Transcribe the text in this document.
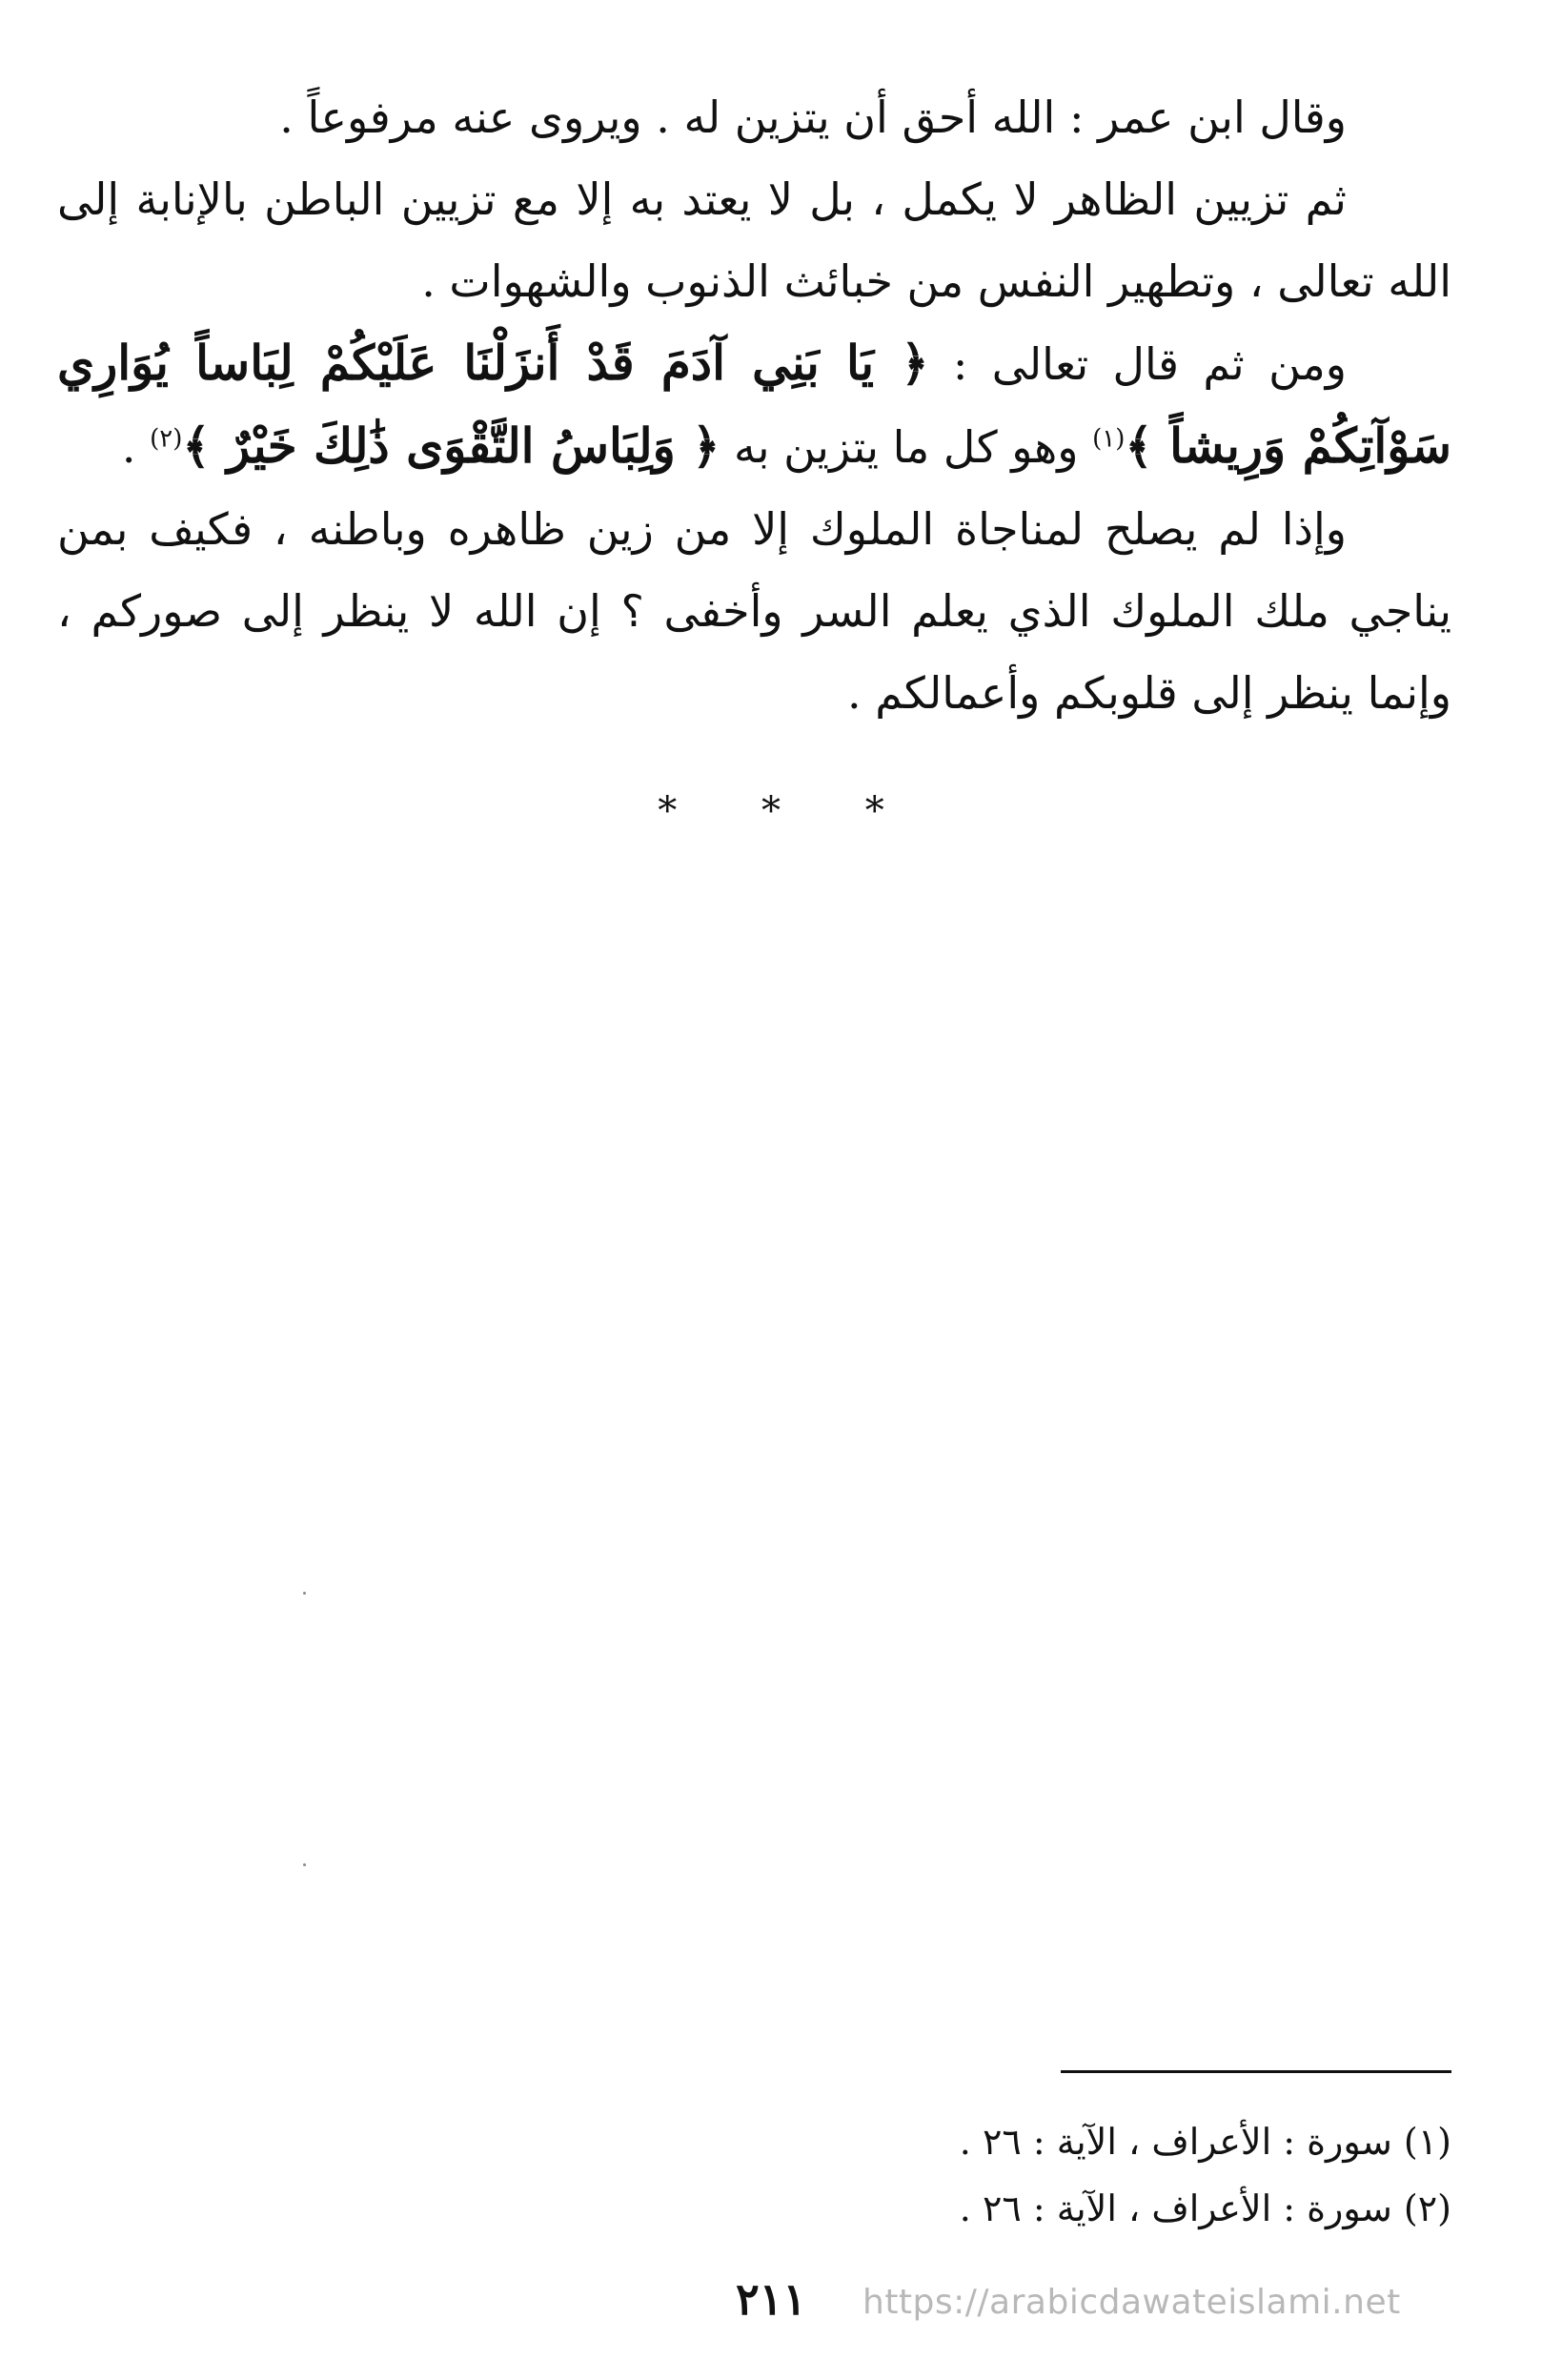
وقال ابن عمر : الله أحق أن يتزين له . ويروى عنه مرفوعاً .

ثم تزيين الظاهر لا يكمل ، بل لا يعتد به إلا مع تزيين الباطن بالإنابة إلى الله تعالى ، وتطهير النفس من خبائث الذنوب والشهوات .

ومن ثم قال تعالى : ﴿ يَا بَنِي آدَمَ قَدْ أَنزَلْنَا عَلَيْكُمْ لِبَاساً يُوَارِي سَوْآتِكُمْ وَرِيشاً ﴾$^{(١)}$ وهو كل ما يتزين به ﴿ وَلِبَاسُ التَّقْوَى ذَٰلِكَ خَيْرٌ ﴾$^{(٢)}$ .

وإذا لم يصلح لمناجاة الملوك إلا من زين ظاهره وباطنه ، فكيف بمن يناجي ملك الملوك الذي يعلم السر وأخفى ؟ إن الله لا ينظر إلى صوركم ، وإنما ينظر إلى قلوبكم وأعمالكم .

* * *

(١) سورة : الأعراف ، الآية : ٢٦ .

(٢) سورة : الأعراف ، الآية : ٢٦ .

٢١١	https://arabicdawateislami.net
